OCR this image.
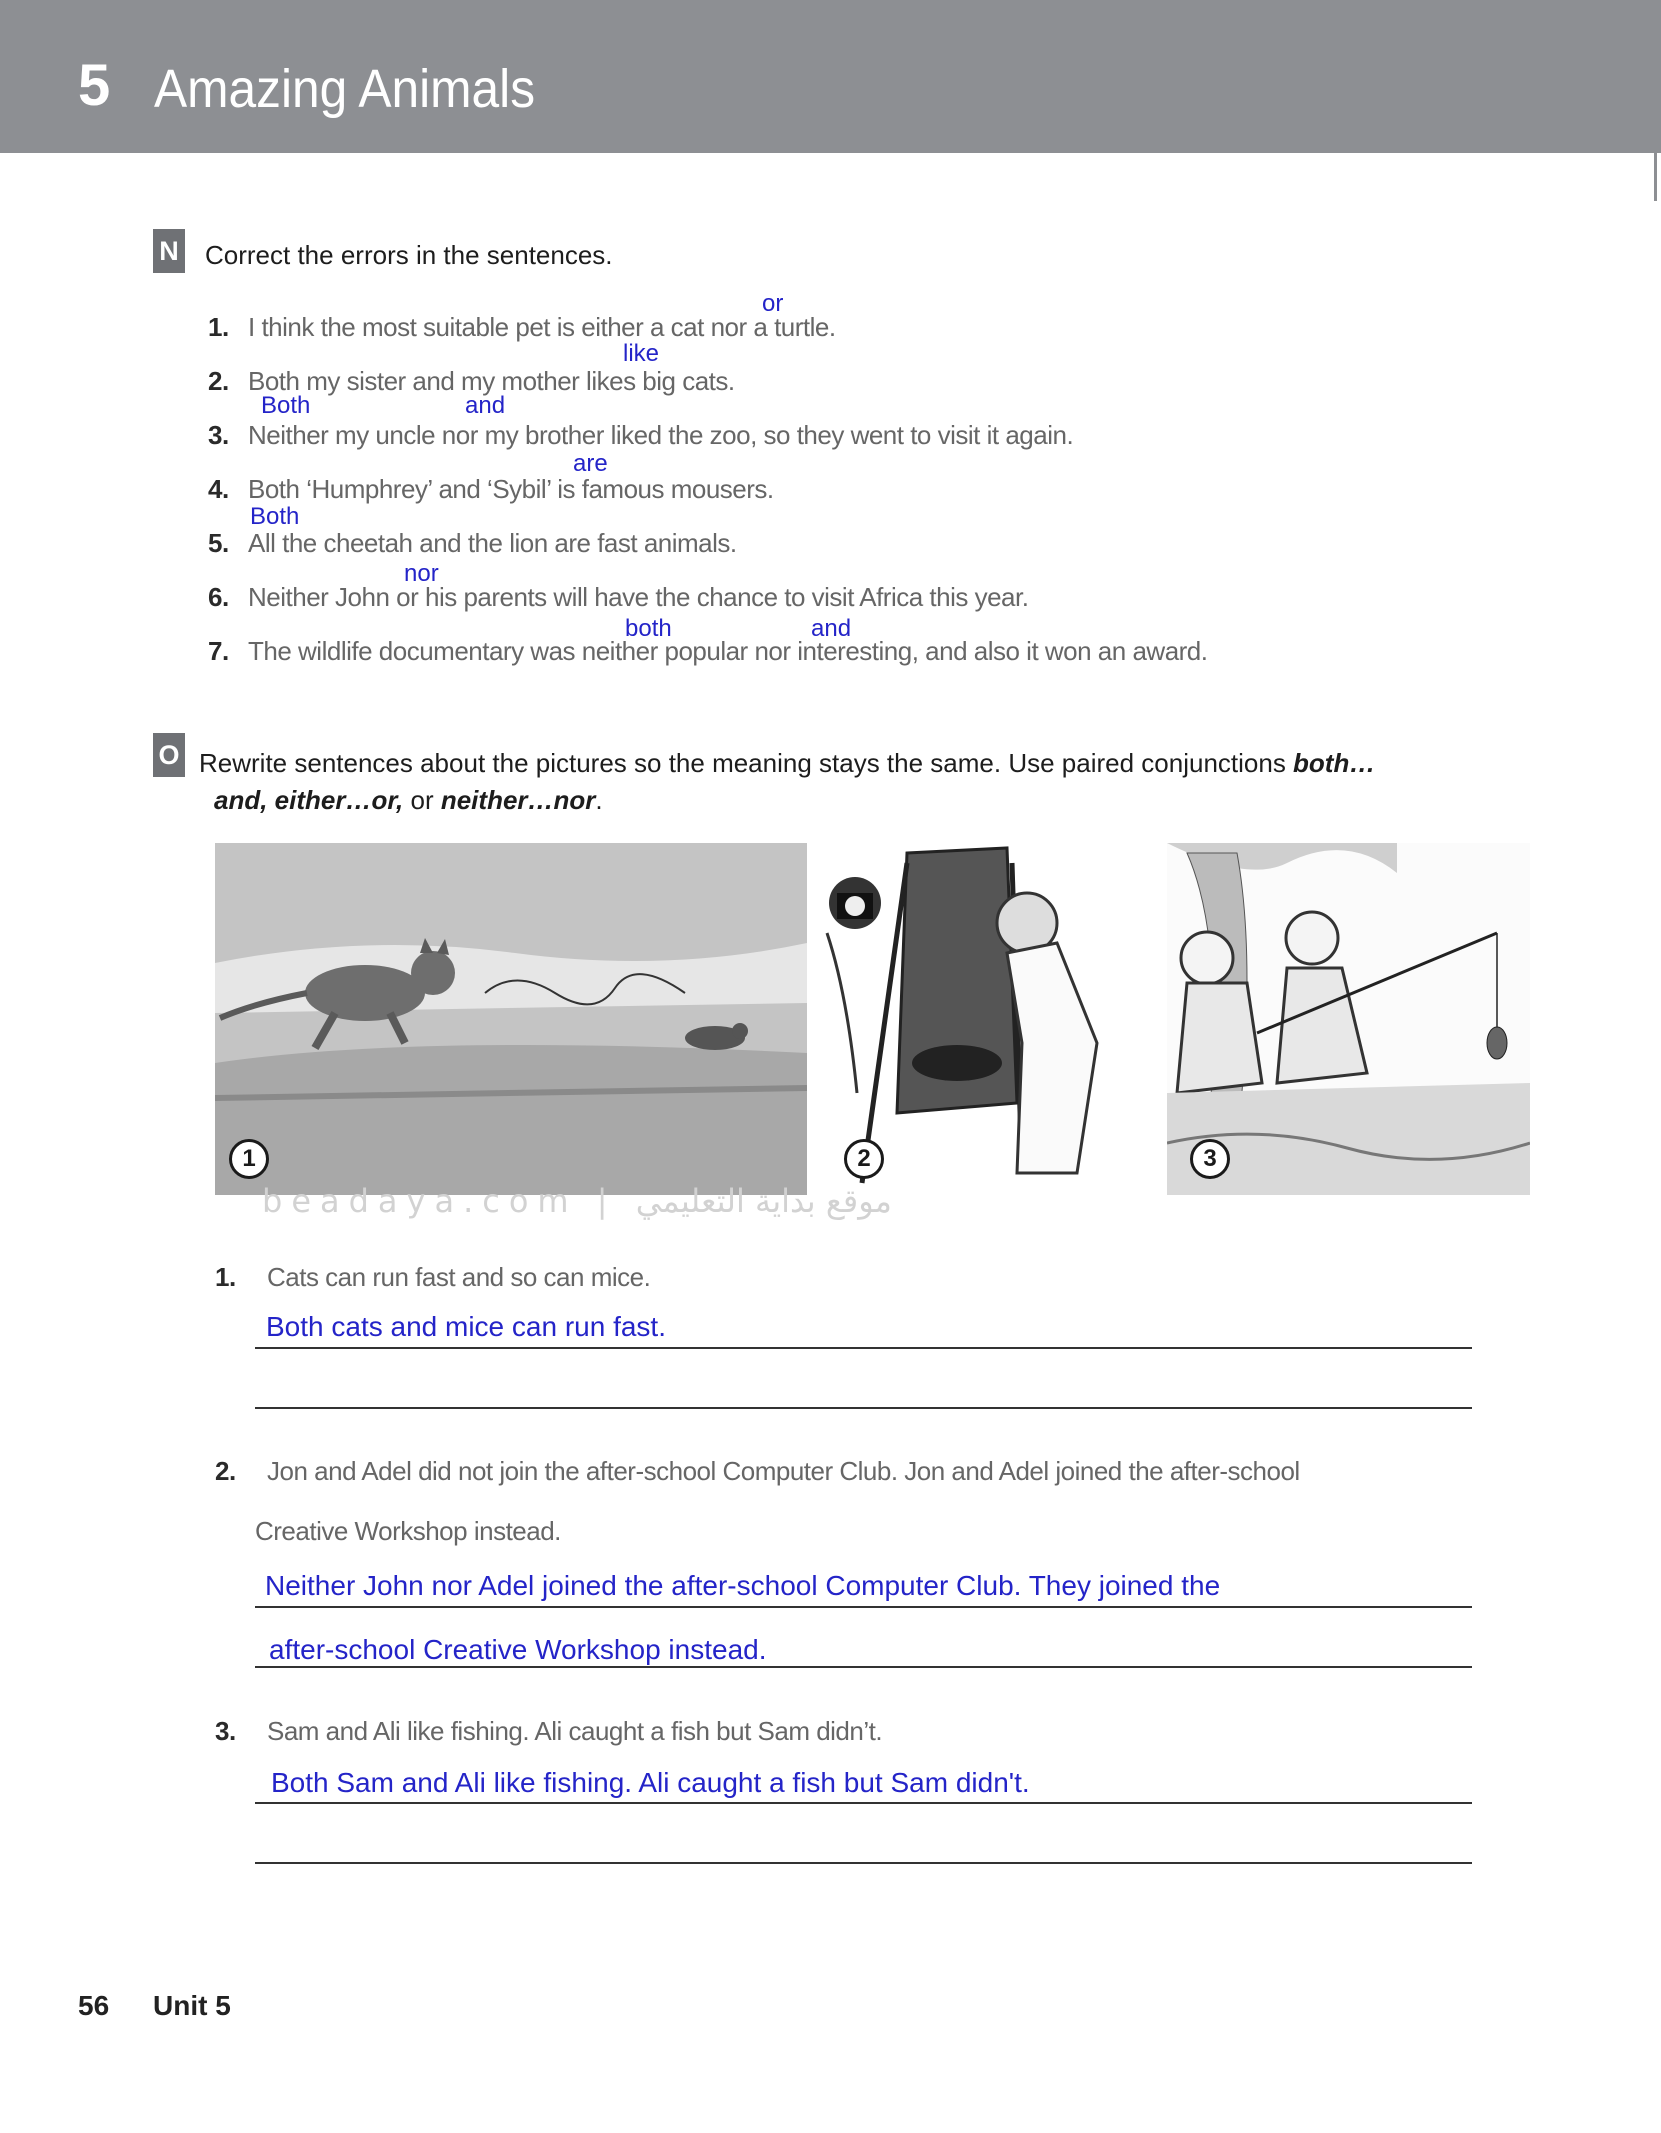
5 Amazing Animals
N Correct the errors in the sentences.
1. I think the most suitable pet is either a cat nor a turtle.
2. Both my sister and my mother likes big cats.
3. Neither my uncle nor my brother liked the zoo, so they went to visit it again.
4. Both ‘Humphrey’ and ‘Sybil’ is famous mousers.
5. All the cheetah and the lion are fast animals.
6. Neither John or his parents will have the chance to visit Africa this year.
7. The wildlife documentary was neither popular nor interesting, and also it won an award.
or
like
Both	and
are
Both
nor
both	and
O Rewrite sentences about the pictures so the meaning stays the same. Use paired conjunctions both…
and, either…or, or neither…nor.
1	2	3
beadaya.com | موقع بداية التعليمي
1. Cats can run fast and so can mice.
Both cats and mice can run fast.
2. Jon and Adel did not join the after-school Computer Club. Jon and Adel joined the after-school
Creative Workshop instead.
Neither John nor Adel joined the after-school Computer Club. They joined the
after-school Creative Workshop instead.
3. Sam and Ali like fishing. Ali caught a fish but Sam didn’t.
Both Sam and Ali like fishing. Ali caught a fish but Sam didn't.
56 Unit 5
